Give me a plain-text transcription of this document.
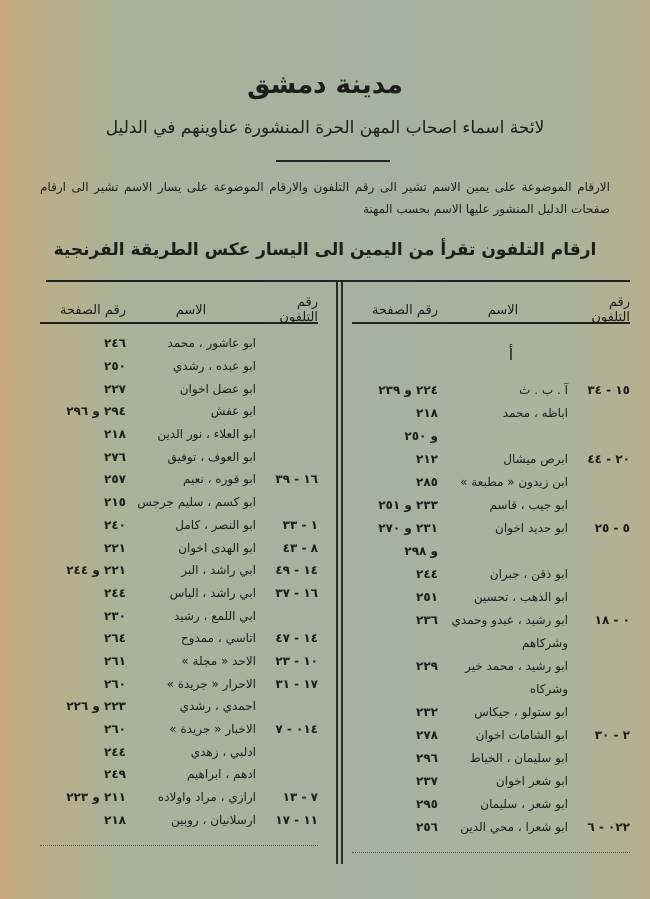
مدينة دمشق
لائحة اسماء اصحاب المهن الحرة المنشورة عناوينهم في الدليل
الارقام الموضوعة على يمين الاسم تشير الى رقم التلفون والارقام الموضوعة على يسار الاسم تشير الى ارقام صفحات الدليل المنشور عليها الاسم بحسب المهنة
ارقام التلفون تقرأ من اليمين الى اليسار عكس الطريقة الفرنجية
رقم التلفون
الاسم
رقم الصفحة
أ
١٥ - ٣٤
آ . ب . ث
٢٢٤ و ٢٣٩
اباظه ، محمد
٢١٨
و ٢٥٠
٢٠ - ٤٤
ابرص ميشال
٢١٢
ابن زيدون « مطبعة »
٢٨٥
ابو جيب ، قاسم
٢٣٣ و ٢٥١
٥ - ٢٥
ابو حديد اخوان
٢٣١ و ٢٧٠
و ٢٩٨
ابو ذقن ، جبران
٢٤٤
ابو الذهب ، تحسين
٢٥١
٠ - ١٨
ابو رشيد ، عبدو وحمدي
٢٣٦
وشركاهم
ابو رشيد ، محمد خير
٢٢٩
وشركاه
ابو ستولو ، جيكاس
٢٣٢
٢ - ٣٠
ابو الشامات اخوان
٢٧٨
ابو سليمان ، الخياط
٢٩٦
ابو شعر اخوان
٢٣٧
ابو شعر ، سليمان
٢٩٥
٠٢٢ - ٦
ابو شعرا ، محي الدين
٢٥٦
رقم التلفون
الاسم
رقم الصفحة
ابو عاشور ، محمد
٢٤٦
ابو عبده ، رشدي
٢٥٠
ابو عضل اخوان
٢٢٧
ابو عفش
٢٩٤ و ٢٩٦
ابو العلاء ، نور الدين
٢١٨
ابو العوف ، توفيق
٢٧٦
١٦ - ٣٩
ابو قوره ، نعيم
٢٥٧
ابو كسم ، سليم جرجس
٢١٥
١ - ٣٣
ابو النصر ، كامل
٢٤٠
٨ - ٤٣
ابو الهدى اخوان
٢٢١
١٤ - ٤٩
ابي راشد ، البر
٢٢١ و ٢٤٤
١٦ - ٣٧
ابي راشد ، الياس
٢٤٤
ابي اللمع ، رشيد
٢٣٠
١٤ - ٤٧
اتاسي ، ممدوح
٢٦٤
١٠ - ٢٣
الاحد « مجلة »
٢٦١
١٧ - ٣١
الاحرار « جريدة »
٢٦٠
احمدي ، رشدي
٢٢٣ و ٢٢٦
٠١٤ - ٧
الاخبار « جريدة »
٢٦٠
ادلبي ، زهدي
٢٤٤
ادهم ، ابراهيم
٢٤٩
٧ - ١٣
ارازي ، مراد واولاده
٢١١ و ٢٢٣
١١ - ١٧
ارسلانيان ، روبين
٢١٨
